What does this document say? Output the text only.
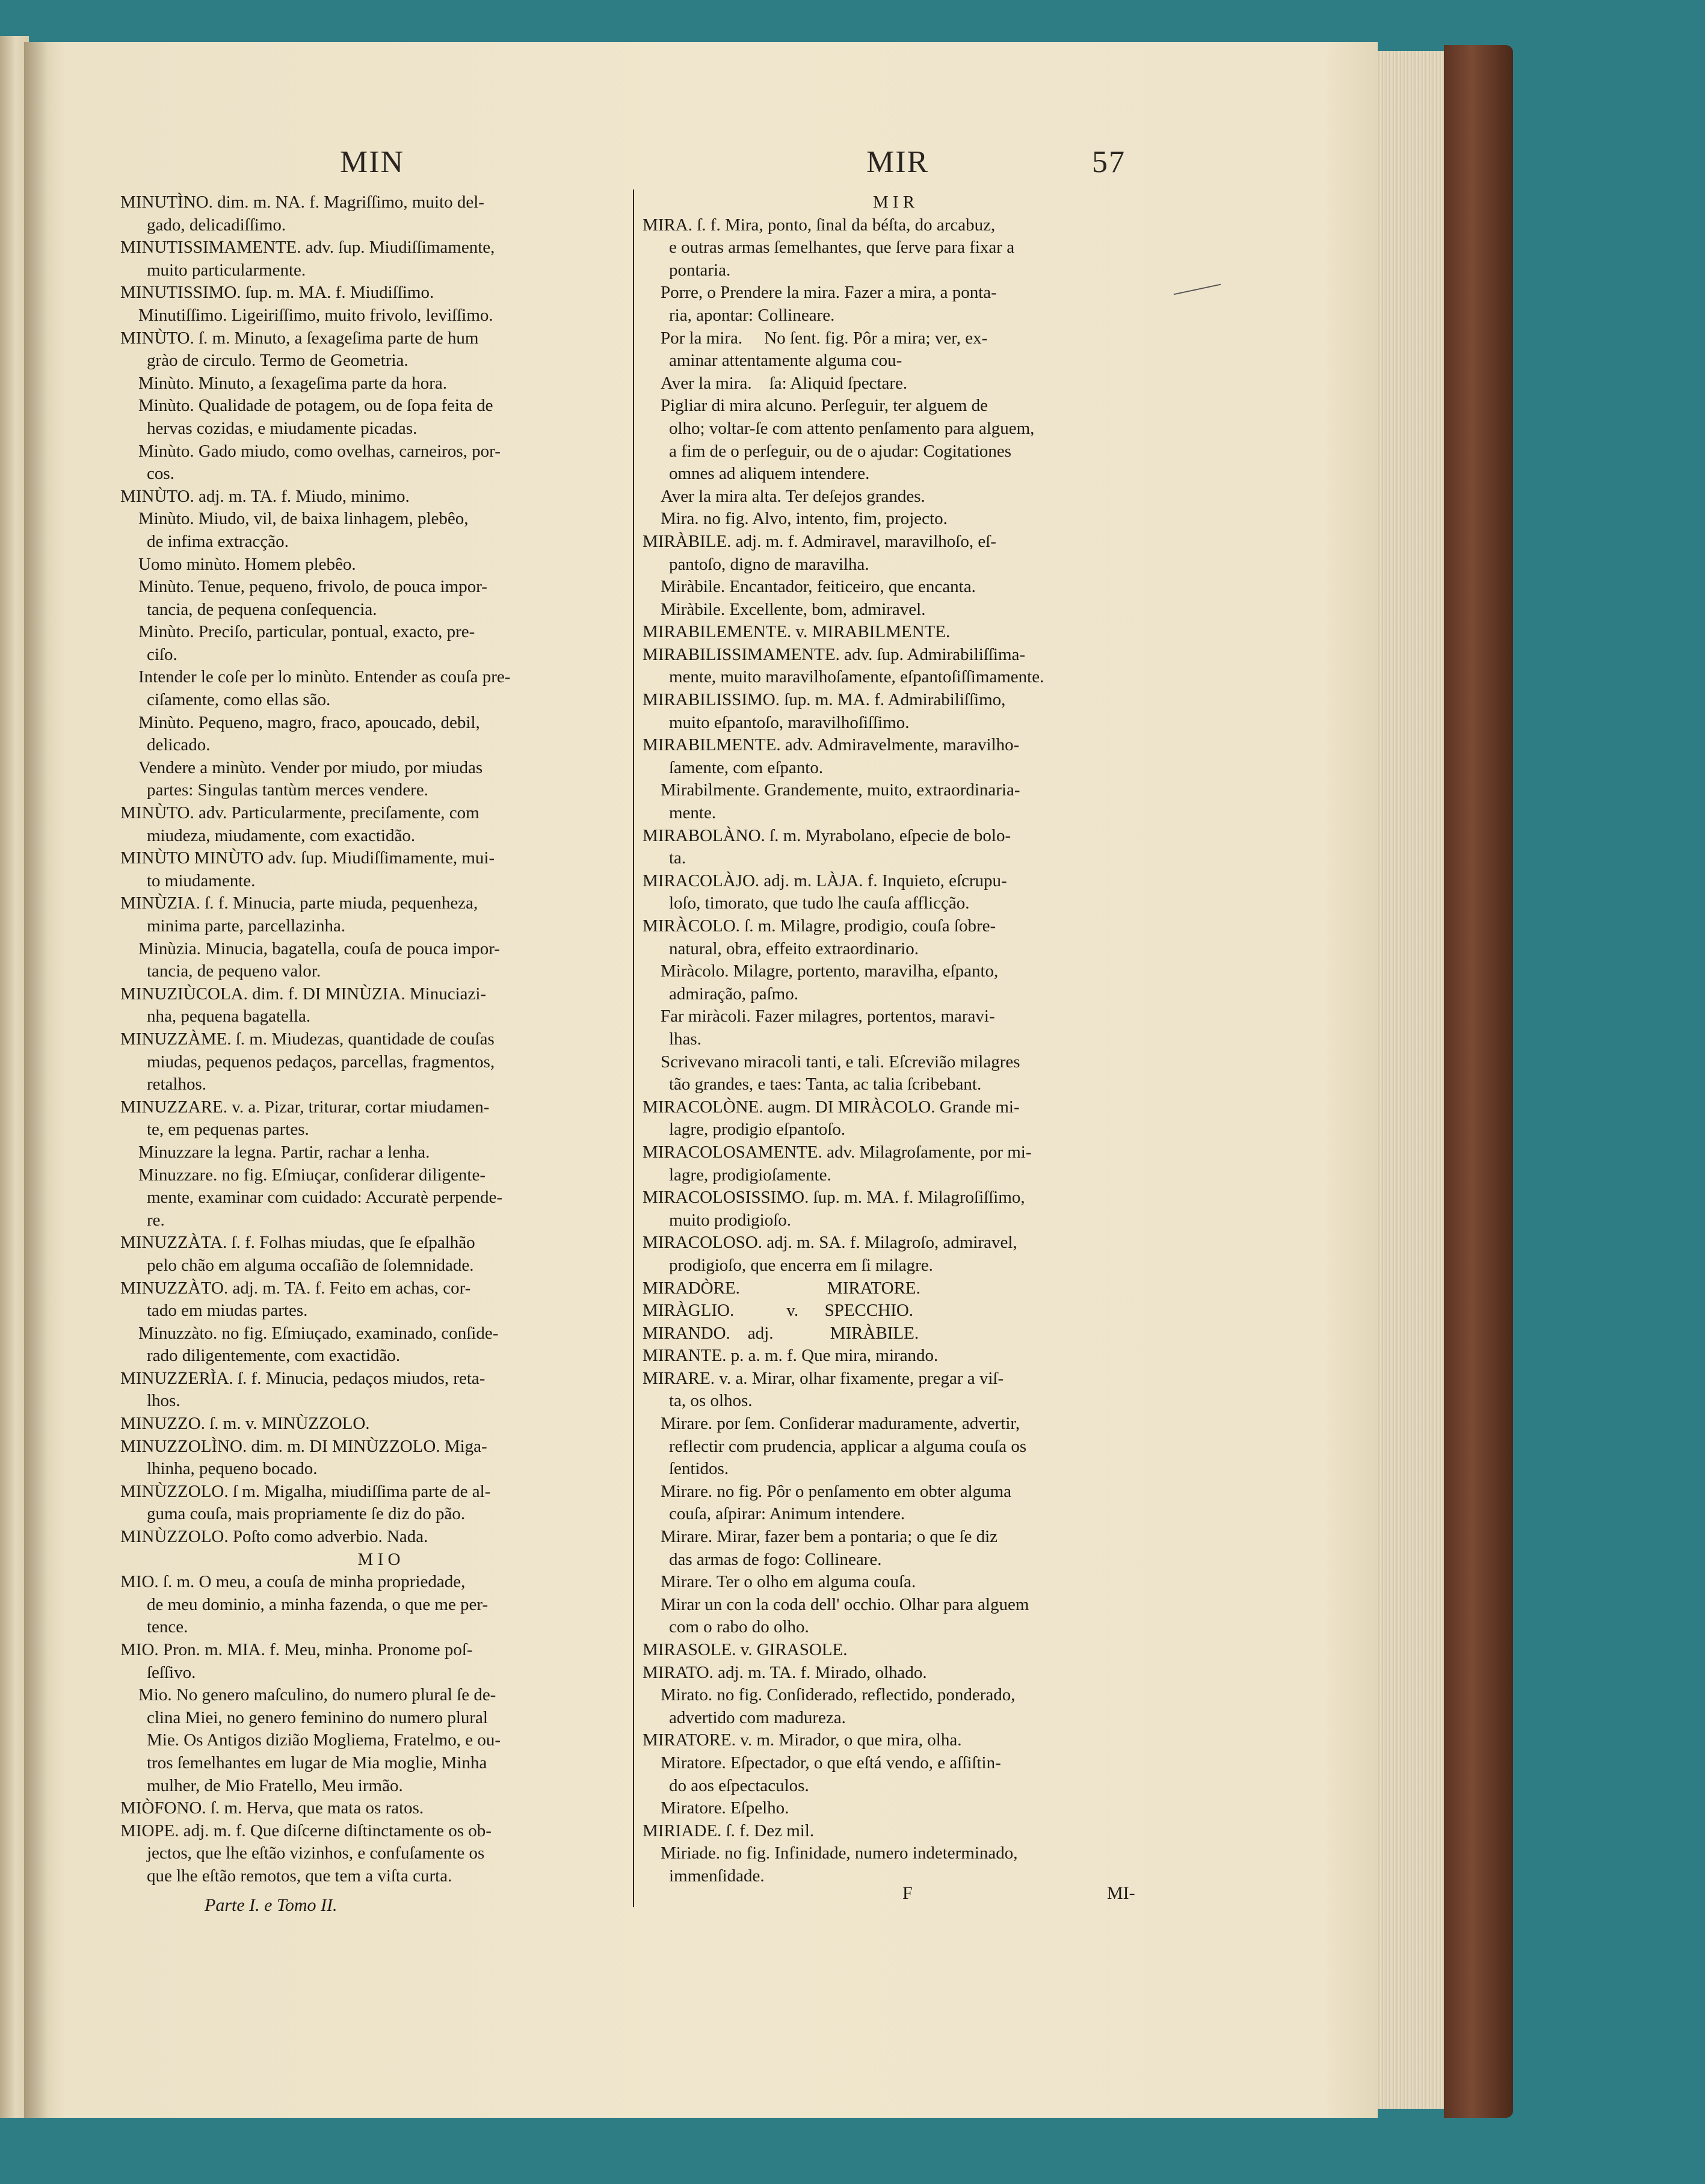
MIN	MIR	57
MINUTÌNO. dim. m. NA. f. Magriſſimo, muito del-
gado, delicadiſſimo.
MINUTISSIMAMENTE. adv. ſup. Miudiſſimamente,
muito particularmente.
MINUTISSIMO. ſup. m. MA. f. Miudiſſimo.
Minutiſſimo. Ligeiriſſimo, muito frivolo, leviſſimo.
MINÙTO. ſ. m. Minuto, a ſexageſima parte de hum
grào de circulo. Termo de Geometria.
Minùto. Minuto, a ſexageſima parte da hora.
Minùto. Qualidade de potagem, ou de ſopa feita de
hervas cozidas, e miudamente picadas.
Minùto. Gado miudo, como ovelhas, carneiros, por-
cos.
MINÙTO. adj. m. TA. f. Miudo, minimo.
Minùto. Miudo, vil, de baixa linhagem, plebêo,
de infima extracção.
Uomo minùto. Homem plebêo.
Minùto. Tenue, pequeno, frivolo, de pouca impor-
tancia, de pequena conſequencia.
Minùto. Preciſo, particular, pontual, exacto, pre-
ciſo.
Intender le coſe per lo minùto. Entender as couſa pre-
ciſamente, como ellas são.
Minùto. Pequeno, magro, fraco, apoucado, debil,
delicado.
Vendere a minùto. Vender por miudo, por miudas
partes: Singulas tantùm merces vendere.
MINÙTO. adv. Particularmente, preciſamente, com
miudeza, miudamente, com exactidão.
MINÙTO MINÙTO adv. ſup. Miudiſſimamente, mui-
to miudamente.
MINÙZIA. ſ. f. Minucia, parte miuda, pequenheza,
minima parte, parcellazinha.
Minùzia. Minucia, bagatella, couſa de pouca impor-
tancia, de pequeno valor.
MINUZIÙCOLA. dim. f. DI MINÙZIA. Minuciazi-
nha, pequena bagatella.
MINUZZÀME. ſ. m. Miudezas, quantidade de couſas
miudas, pequenos pedaços, parcellas, fragmentos,
retalhos.
MINUZZARE. v. a. Pizar, triturar, cortar miudamen-
te, em pequenas partes.
Minuzzare la legna. Partir, rachar a lenha.
Minuzzare. no fig. Eſmiuçar, conſiderar diligente-
mente, examinar com cuidado: Accuratè perpende-
re.
MINUZZÀTA. ſ. f. Folhas miudas, que ſe eſpalhão
pelo chão em alguma occaſião de ſolemnidade.
MINUZZÀTO. adj. m. TA. f. Feito em achas, cor-
tado em miudas partes.
Minuzzàto. no fig. Eſmiuçado, examinado, conſide-
rado diligentemente, com exactidão.
MINUZZERÌA. ſ. f. Minucia, pedaços miudos, reta-
lhos.
MINUZZO. ſ. m. v. MINÙZZOLO.
MINUZZOLÌNO. dim. m. DI MINÙZZOLO. Miga-
lhinha, pequeno bocado.
MINÙZZOLO. ſ m. Migalha, miudiſſima parte de al-
guma couſa, mais propriamente ſe diz do pão.
MINÙZZOLO. Poſto como adverbio. Nada.
M I O
MIO. ſ. m. O meu, a couſa de minha propriedade,
de meu dominio, a minha fazenda, o que me per-
tence.
MIO. Pron. m. MIA. f. Meu, minha. Pronome poſ-
ſeſſivo.
Mio. No genero maſculino, do numero plural ſe de-
clina Miei, no genero feminino do numero plural
Mie. Os Antigos dizião Mogliema, Fratelmo, e ou-
tros ſemelhantes em lugar de Mia moglie, Minha
mulher, de Mio Fratello, Meu irmão.
MIÒFONO. ſ. m. Herva, que mata os ratos.
MIOPE. adj. m. f. Que diſcerne diſtinctamente os ob-
jectos, que lhe eſtão vizinhos, e confuſamente os
que lhe eſtão remotos, que tem a viſta curta.
M I R
MIRA. ſ. f. Mira, ponto, ſinal da béſta, do arcabuz,
e outras armas ſemelhantes, que ſerve para fixar a
pontaria.
Porre, o Prendere la mira. Fazer a mira, a ponta-
ria, apontar: Collineare.
Por la mira.     No ſent. fig. Pôr a mira; ver, ex-
aminar attentamente alguma cou-
Aver la mira.    ſa: Aliquid ſpectare.
Pigliar di mira alcuno. Perſeguir, ter alguem de
olho; voltar-ſe com attento penſamento para alguem,
a fim de o perſeguir, ou de o ajudar: Cogitationes
omnes ad aliquem intendere.
Aver la mira alta. Ter deſejos grandes.
Mira. no fig. Alvo, intento, fim, projecto.
MIRÀBILE. adj. m. f. Admiravel, maravilhoſo, eſ-
pantoſo, digno de maravilha.
Miràbile. Encantador, feiticeiro, que encanta.
Miràbile. Excellente, bom, admiravel.
MIRABILEMENTE. v. MIRABILMENTE.
MIRABILISSIMAMENTE. adv. ſup. Admirabiliſſima-
mente, muito maravilhoſamente, eſpantoſiſſimamente.
MIRABILISSIMO. ſup. m. MA. f. Admirabiliſſimo,
muito eſpantoſo, maravilhoſiſſimo.
MIRABILMENTE. adv. Admiravelmente, maravilho-
ſamente, com eſpanto.
Mirabilmente. Grandemente, muito, extraordinaria-
mente.
MIRABOLÀNO. ſ. m. Myrabolano, eſpecie de bolo-
ta.
MIRACOLÀJO. adj. m. LÀJA. f. Inquieto, eſcrupu-
loſo, timorato, que tudo lhe cauſa afflicção.
MIRÀCOLO. ſ. m. Milagre, prodigio, couſa ſobre-
natural, obra, effeito extraordinario.
Miràcolo. Milagre, portento, maravilha, eſpanto,
admiração, paſmo.
Far miràcoli. Fazer milagres, portentos, maravi-
lhas.
Scrivevano miracoli tanti, e tali. Eſcrevião milagres
tão grandes, e taes: Tanta, ac talia ſcribebant.
MIRACOLÒNE. augm. DI MIRÀCOLO. Grande mi-
lagre, prodigio eſpantoſo.
MIRACOLOSAMENTE. adv. Milagroſamente, por mi-
lagre, prodigioſamente.
MIRACOLOSISSIMO. ſup. m. MA. f. Milagroſiſſimo,
muito prodigioſo.
MIRACOLOSO. adj. m. SA. f. Milagroſo, admiravel,
prodigioſo, que encerra em ſi milagre.
MIRADÒRE.                    MIRATORE.
MIRÀGLIO.            v.      SPECCHIO.
MIRANDO.    adj.             MIRÀBILE.
MIRANTE. p. a. m. f. Que mira, mirando.
MIRARE. v. a. Mirar, olhar fixamente, pregar a viſ-
ta, os olhos.
Mirare. por ſem. Conſiderar maduramente, advertir,
reflectir com prudencia, applicar a alguma couſa os
ſentidos.
Mirare. no fig. Pôr o penſamento em obter alguma
couſa, aſpirar: Animum intendere.
Mirare. Mirar, fazer bem a pontaria; o que ſe diz
das armas de fogo: Collineare.
Mirare. Ter o olho em alguma couſa.
Mirar un con la coda dell' occhio. Olhar para alguem
com o rabo do olho.
MIRASOLE. v. GIRASOLE.
MIRATO. adj. m. TA. f. Mirado, olhado.
Mirato. no fig. Conſiderado, reflectido, ponderado,
advertido com madureza.
MIRATORE. v. m. Mirador, o que mira, olha.
Miratore. Eſpectador, o que eſtá vendo, e aſſiſtin-
do aos eſpectaculos.
Miratore. Eſpelho.
MIRIADE. ſ. f. Dez mil.
Miriade. no fig. Infinidade, numero indeterminado,
immenſidade.
Parte I. e Tomo II.
F	MI-
